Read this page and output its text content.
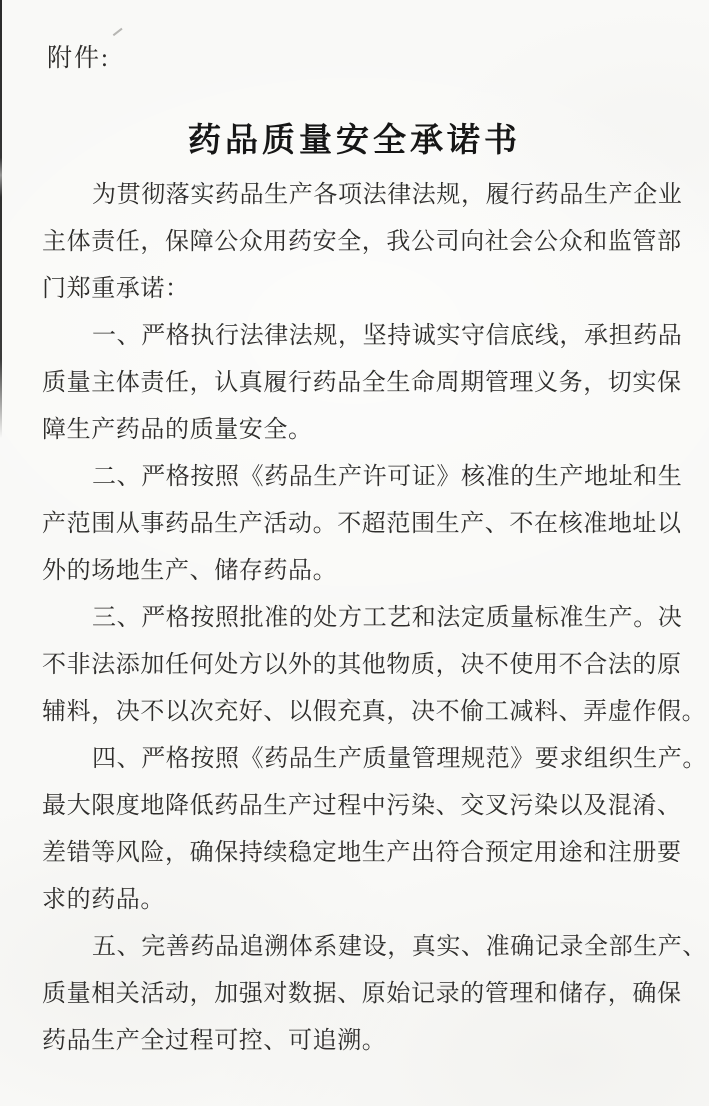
附件:
药品质量安全承诺书
为贯彻落实药品生产各项法律法规，履行药品生产企业
主体责任，保障公众用药安全，我公司向社会公众和监管部
门郑重承诺：
一、严格执行法律法规，坚持诚实守信底线，承担药品
质量主体责任，认真履行药品全生命周期管理义务，切实保
障生产药品的质量安全。
二、严格按照《药品生产许可证》核准的生产地址和生
产范围从事药品生产活动。不超范围生产、不在核准地址以
外的场地生产、储存药品。
三、严格按照批准的处方工艺和法定质量标准生产。决
不非法添加任何处方以外的其他物质，决不使用不合法的原
辅料，决不以次充好、以假充真，决不偷工减料、弄虚作假。
四、严格按照《药品生产质量管理规范》要求组织生产。
最大限度地降低药品生产过程中污染、交叉污染以及混淆、
差错等风险，确保持续稳定地生产出符合预定用途和注册要
求的药品。
五、完善药品追溯体系建设，真实、准确记录全部生产、
质量相关活动，加强对数据、原始记录的管理和储存，确保
药品生产全过程可控、可追溯。
